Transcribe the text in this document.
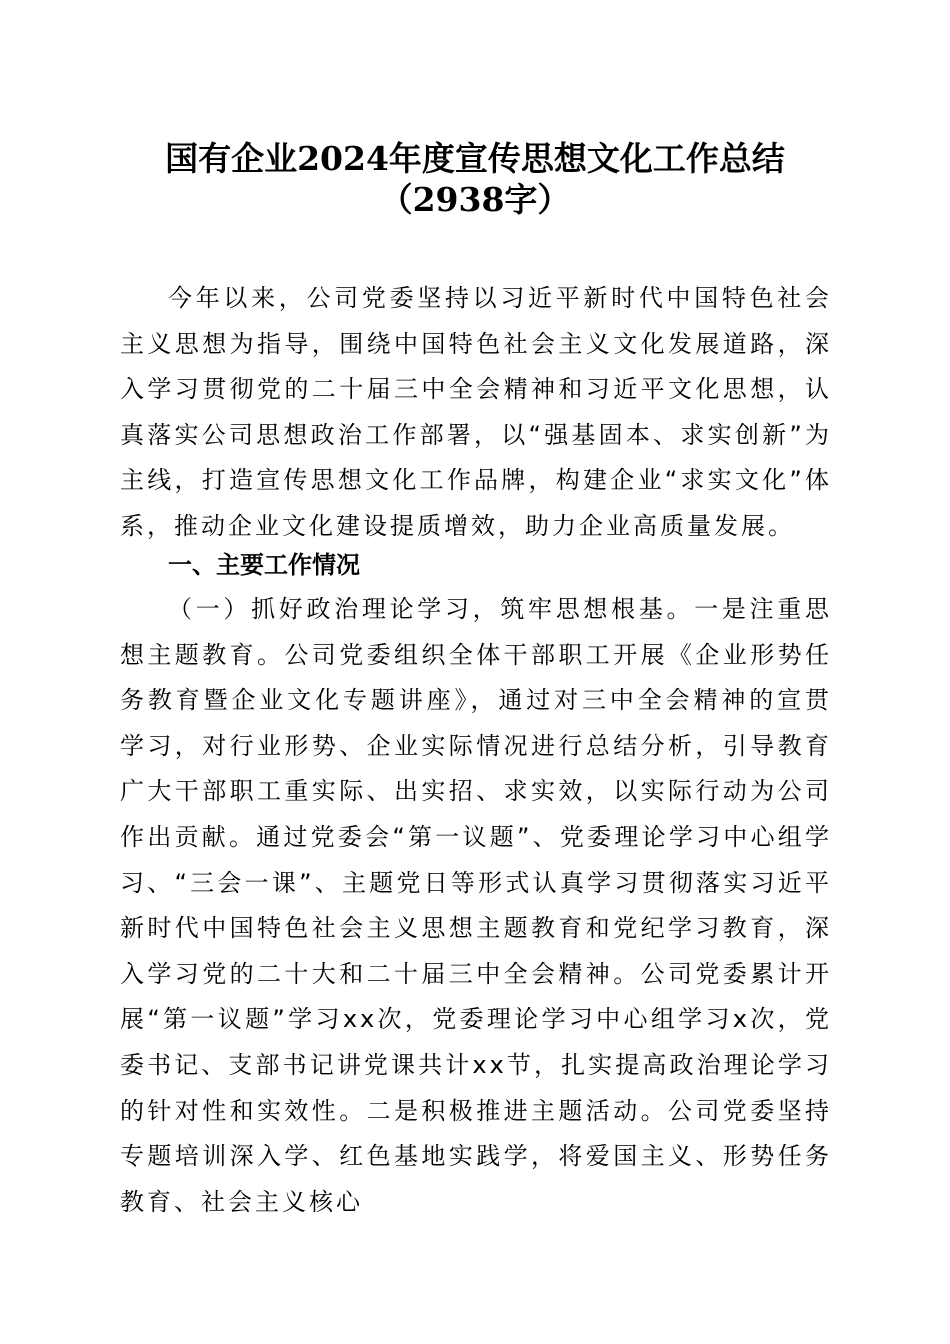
国有企业2024年度宣传思想文化工作总结
（2938字）

今年以来，公司党委坚持以习近平新时代中国特色社会主义思想为指导，围绕中国特色社会主义文化发展道路，深入学习贯彻党的二十届三中全会精神和习近平文化思想，认真落实公司思想政治工作部署，以“强基固本、求实创新”为主线，打造宣传思想文化工作品牌，构建企业“求实文化”体系，推动企业文化建设提质增效，助力企业高质量发展。

一、主要工作情况

（一）抓好政治理论学习，筑牢思想根基。一是注重思想主题教育。公司党委组织全体干部职工开展《企业形势任务教育暨企业文化专题讲座》，通过对三中全会精神的宣贯学习，对行业形势、企业实际情况进行总结分析，引导教育广大干部职工重实际、出实招、求实效，以实际行动为公司作出贡献。通过党委会“第一议题”、党委理论学习中心组学习、“三会一课”、主题党日等形式认真学习贯彻落实习近平新时代中国特色社会主义思想主题教育和党纪学习教育，深入学习党的二十大和二十届三中全会精神。公司党委累计开展“第一议题”学习xx次，党委理论学习中心组学习x次，党委书记、支部书记讲党课共计xx节，扎实提高政治理论学习的针对性和实效性。二是积极推进主题活动。公司党委坚持专题培训深入学、红色基地实践学，将爱国主义、形势任务教育、社会主义核心
